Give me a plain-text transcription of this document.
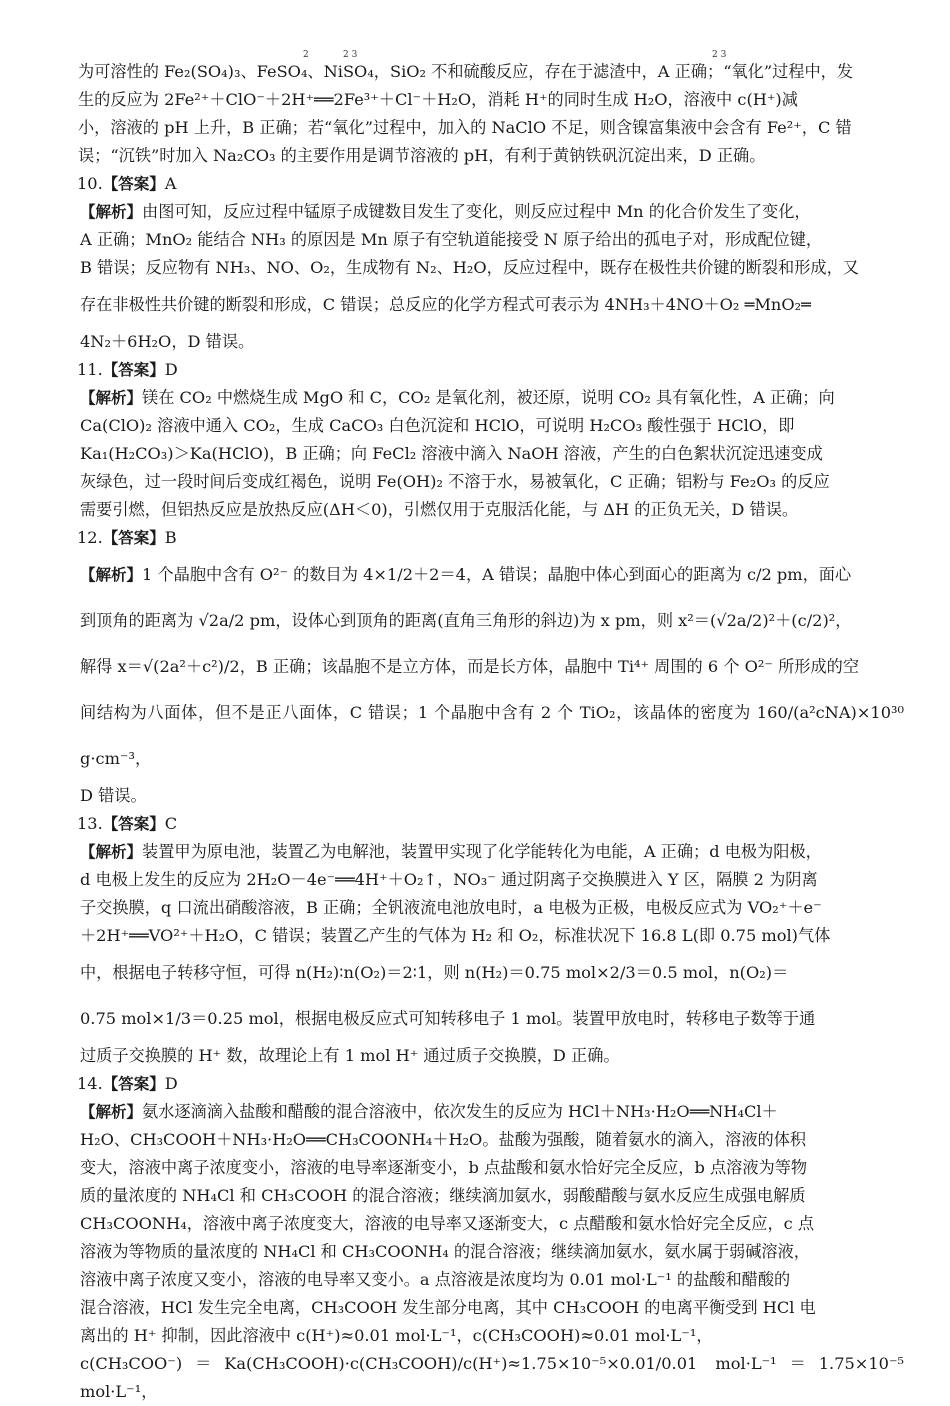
2	2 3	2 3

为可溶性的 Fe₂(SO₄)₃、FeSO₄、NiSO₄，SiO₂ 不和硫酸反应，存在于滤渣中，A 正确；“氧化”过程中，发

生的反应为 2Fe²⁺＋ClO⁻＋2H⁺══2Fe³⁺＋Cl⁻＋H₂O，消耗 H⁺的同时生成 H₂O，溶液中 c(H⁺)减

小，溶液的 pH 上升，B 正确；若“氧化”过程中，加入的 NaClO 不足，则含镍富集液中会含有 Fe²⁺，C 错

误；“沉铁”时加入 Na₂CO₃ 的主要作用是调节溶液的 pH，有利于黄钠铁矾沉淀出来，D 正确。

10.【答案】A

【解析】由图可知，反应过程中锰原子成键数目发生了变化，则反应过程中 Mn 的化合价发生了变化，

A 正确；MnO₂ 能结合 NH₃ 的原因是 Mn 原子有空轨道能接受 N 原子给出的孤电子对，形成配位键，

B 错误；反应物有 NH₃、NO、O₂，生成物有 N₂、H₂O，反应过程中，既存在极性共价键的断裂和形成，又

存在非极性共价键的断裂和形成，C 错误；总反应的化学方程式可表示为 4NH₃＋4NO＋O₂ ═MnO₂═

4N₂＋6H₂O，D 错误。

11.【答案】D

【解析】镁在 CO₂ 中燃烧生成 MgO 和 C，CO₂ 是氧化剂，被还原，说明 CO₂ 具有氧化性，A 正确；向

Ca(ClO)₂ 溶液中通入 CO₂，生成 CaCO₃ 白色沉淀和 HClO，可说明 H₂CO₃ 酸性强于 HClO，即

Ka₁(H₂CO₃)＞Ka(HClO)，B 正确；向 FeCl₂ 溶液中滴入 NaOH 溶液，产生的白色絮状沉淀迅速变成

灰绿色，过一段时间后变成红褐色，说明 Fe(OH)₂ 不溶于水，易被氧化，C 正确；铝粉与 Fe₂O₃ 的反应

需要引燃，但铝热反应是放热反应(ΔH＜0)，引燃仅用于克服活化能，与 ΔH 的正负无关，D 错误。

12.【答案】B

【解析】1 个晶胞中含有 O²⁻ 的数目为 4×1/2＋2＝4，A 错误；晶胞中体心到面心的距离为 c/2 pm，面心

到顶角的距离为 √2a/2 pm，设体心到顶角的距离(直角三角形的斜边)为 x pm，则 x²＝(√2a/2)²＋(c/2)²，

解得 x＝√(2a²＋c²)/2，B 正确；该晶胞不是立方体，而是长方体，晶胞中 Ti⁴⁺ 周围的 6 个 O²⁻ 所形成的空

间结构为八面体，但不是正八面体，C 错误；1 个晶胞中含有 2 个 TiO₂，该晶体的密度为 160/(a²cNA)×10³⁰ g·cm⁻³，

D 错误。

13.【答案】C

【解析】装置甲为原电池，装置乙为电解池，装置甲实现了化学能转化为电能，A 正确；d 电极为阳极，

d 电极上发生的反应为 2H₂O－4e⁻══4H⁺＋O₂↑，NO₃⁻ 通过阴离子交换膜进入 Y 区，隔膜 2 为阴离

子交换膜，q 口流出硝酸溶液，B 正确；全钒液流电池放电时，a 电极为正极，电极反应式为 VO₂⁺＋e⁻

＋2H⁺══VO²⁺＋H₂O，C 错误；装置乙产生的气体为 H₂ 和 O₂，标准状况下 16.8 L(即 0.75 mol)气体

中，根据电子转移守恒，可得 n(H₂)∶n(O₂)＝2∶1，则 n(H₂)＝0.75 mol×2/3＝0.5 mol，n(O₂)＝

0.75 mol×1/3＝0.25 mol，根据电极反应式可知转移电子 1 mol。装置甲放电时，转移电子数等于通

过质子交换膜的 H⁺ 数，故理论上有 1 mol H⁺ 通过质子交换膜，D 正确。

14.【答案】D

【解析】氨水逐滴滴入盐酸和醋酸的混合溶液中，依次发生的反应为 HCl＋NH₃·H₂O══NH₄Cl＋

H₂O、CH₃COOH＋NH₃·H₂O══CH₃COONH₄＋H₂O。盐酸为强酸，随着氨水的滴入，溶液的体积

变大，溶液中离子浓度变小，溶液的电导率逐渐变小，b 点盐酸和氨水恰好完全反应，b 点溶液为等物

质的量浓度的 NH₄Cl 和 CH₃COOH 的混合溶液；继续滴加氨水，弱酸醋酸与氨水反应生成强电解质

CH₃COONH₄，溶液中离子浓度变大，溶液的电导率又逐渐变大，c 点醋酸和氨水恰好完全反应，c 点

溶液为等物质的量浓度的 NH₄Cl 和 CH₃COONH₄ 的混合溶液；继续滴加氨水，氨水属于弱碱溶液，

溶液中离子浓度又变小，溶液的电导率又变小。a 点溶液是浓度均为 0.01 mol·L⁻¹ 的盐酸和醋酸的

混合溶液，HCl 发生完全电离，CH₃COOH 发生部分电离，其中 CH₃COOH 的电离平衡受到 HCl 电

离出的 H⁺ 抑制，因此溶液中 c(H⁺)≈0.01 mol·L⁻¹，c(CH₃COOH)≈0.01 mol·L⁻¹，

c(CH₃COO⁻)＝Ka(CH₃COOH)·c(CH₃COOH)/c(H⁺)≈1.75×10⁻⁵×0.01/0.01 mol·L⁻¹＝1.75×10⁻⁵ mol·L⁻¹，
